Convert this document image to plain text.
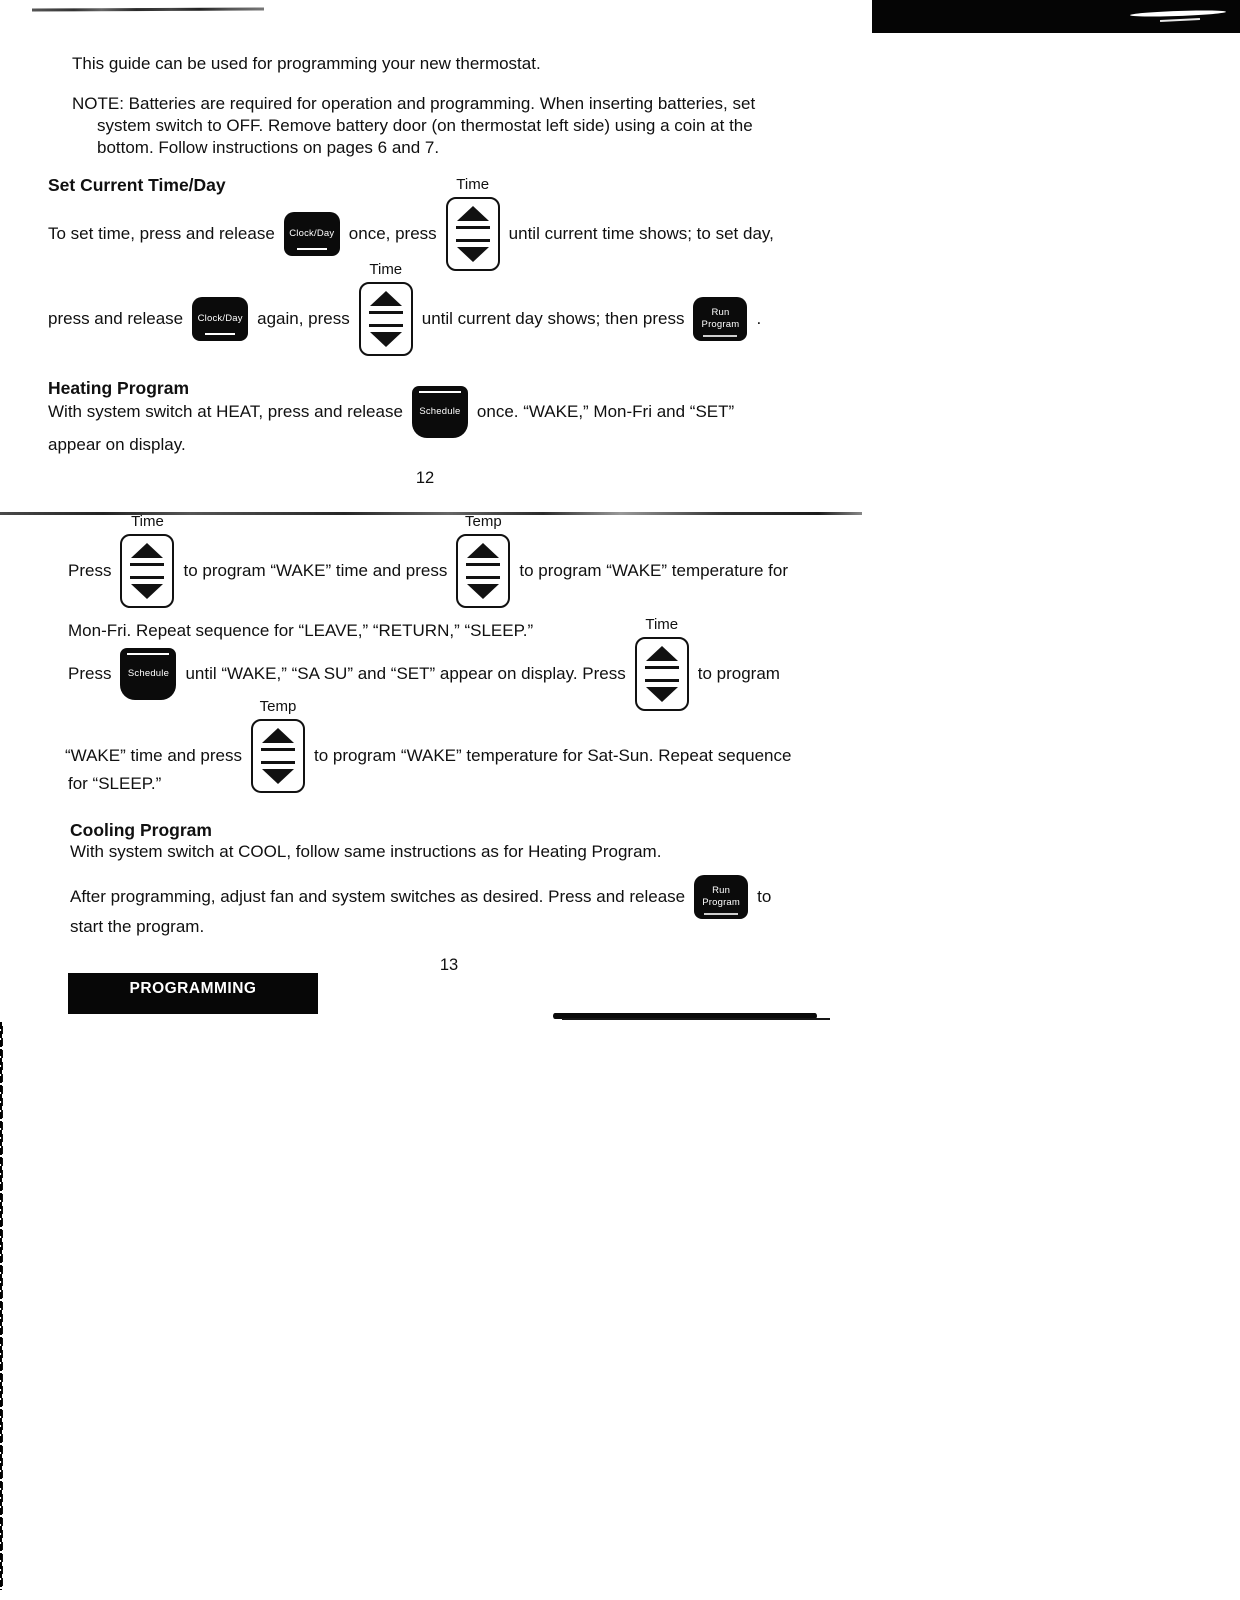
This guide can be used for programming your new thermostat.
NOTE: Batteries are required for operation and programming. When inserting batteries, set
system switch to OFF. Remove battery door (on thermostat left side) using a coin at the
bottom. Follow instructions on pages 6 and 7.
Set Current Time/Day
To set time, press and release Clock/Day once, press
Time
until current time shows; to set day,
press and release Clock/Day again, press
Time
until current day shows; then press	Run
Program .
Heating Program
With system switch at HEAT, press and release Schedule once. “WAKE,” Mon-Fri and “SET”
appear on display.
12
Press
Time
to program “WAKE” time and press
Temp
to program “WAKE” temperature for
Mon-Fri. Repeat sequence for “LEAVE,” “RETURN,” “SLEEP.”
Press Schedule until “WAKE,” “SA SU” and “SET” appear on display. Press
Time
to program
“WAKE” time and press
Temp
to program “WAKE” temperature for Sat-Sun. Repeat sequence
for “SLEEP.”
Cooling Program
With system switch at COOL, follow same instructions as for Heating Program.
After programming, adjust fan and system switches as desired. Press and release	Run
Program to
start the program.
13
PROGRAMMING
